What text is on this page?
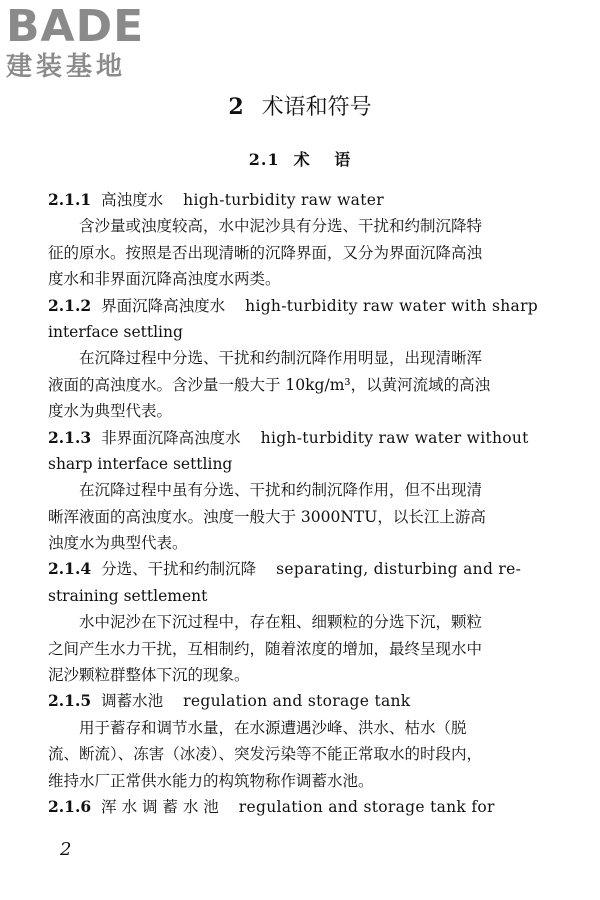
BADE
建装基地
2 术语和符号
2.1 术　 语
2.1.1 高浊度水 high-turbidity raw water
含沙量或浊度较高，水中泥沙具有分选、干扰和约制沉降特
征的原水。按照是否出现清晰的沉降界面，又分为界面沉降高浊
度水和非界面沉降高浊度水两类。
2.1.2 界面沉降高浊度水 high-turbidity raw water with sharp
interface settling
在沉降过程中分选、干扰和约制沉降作用明显，出现清晰浑
液面的高浊度水。含沙量一般大于 10kg/m³，以黄河流域的高浊
度水为典型代表。
2.1.3 非界面沉降高浊度水 high-turbidity raw water without
sharp interface settling
在沉降过程中虽有分选、干扰和约制沉降作用，但不出现清
晰浑液面的高浊度水。浊度一般大于 3000NTU，以长江上游高
浊度水为典型代表。
2.1.4 分选、干扰和约制沉降 separating, disturbing and re-
straining settlement
水中泥沙在下沉过程中，存在粗、细颗粒的分选下沉，颗粒
之间产生水力干扰，互相制约，随着浓度的增加，最终呈现水中
泥沙颗粒群整体下沉的现象。
2.1.5 调蓄水池 regulation and storage tank
用于蓄存和调节水量，在水源遭遇沙峰、洪水、枯水（脱
流、断流）、冻害（冰凌）、突发污染等不能正常取水的时段内，
维持水厂正常供水能力的构筑物称作调蓄水池。
2.1.6 浑 水 调 蓄 水 池 regulation and storage tank for
2
